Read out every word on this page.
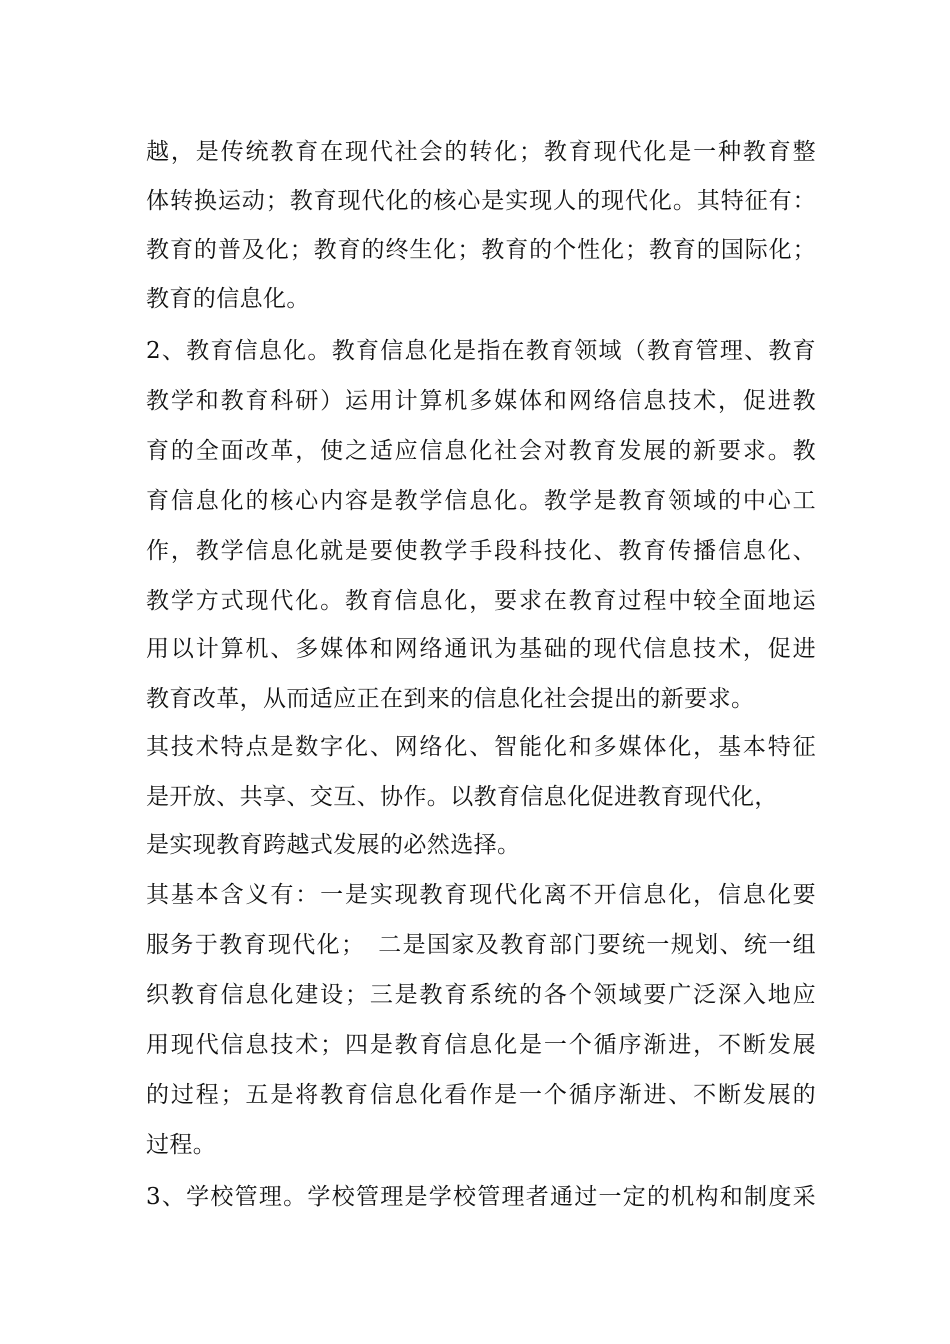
越，是传统教育在现代社会的转化；教育现代化是一种教育整
体转换运动；教育现代化的核心是实现人的现代化。其特征有：
教育的普及化；教育的终生化；教育的个性化；教育的国际化；
教育的信息化。
2、教育信息化。教育信息化是指在教育领域（教育管理、教育
教学和教育科研）运用计算机多媒体和网络信息技术，促进教
育的全面改革，使之适应信息化社会对教育发展的新要求。教
育信息化的核心内容是教学信息化。教学是教育领域的中心工
作，教学信息化就是要使教学手段科技化、教育传播信息化、
教学方式现代化。教育信息化，要求在教育过程中较全面地运
用以计算机、多媒体和网络通讯为基础的现代信息技术，促进
教育改革，从而适应正在到来的信息化社会提出的新要求。
其技术特点是数字化、网络化、智能化和多媒体化，基本特征
是开放、共享、交互、协作。以教育信息化促进教育现代化，
是实现教育跨越式发展的必然选择。
其基本含义有：一是实现教育现代化离不开信息化，信息化要
服务于教育现代化；　二是国家及教育部门要统一规划、统一组
织教育信息化建设；三是教育系统的各个领域要广泛深入地应
用现代信息技术；四是教育信息化是一个循序渐进，不断发展
的过程；五是将教育信息化看作是一个循序渐进、不断发展的
过程。
3、学校管理。学校管理是学校管理者通过一定的机构和制度采
